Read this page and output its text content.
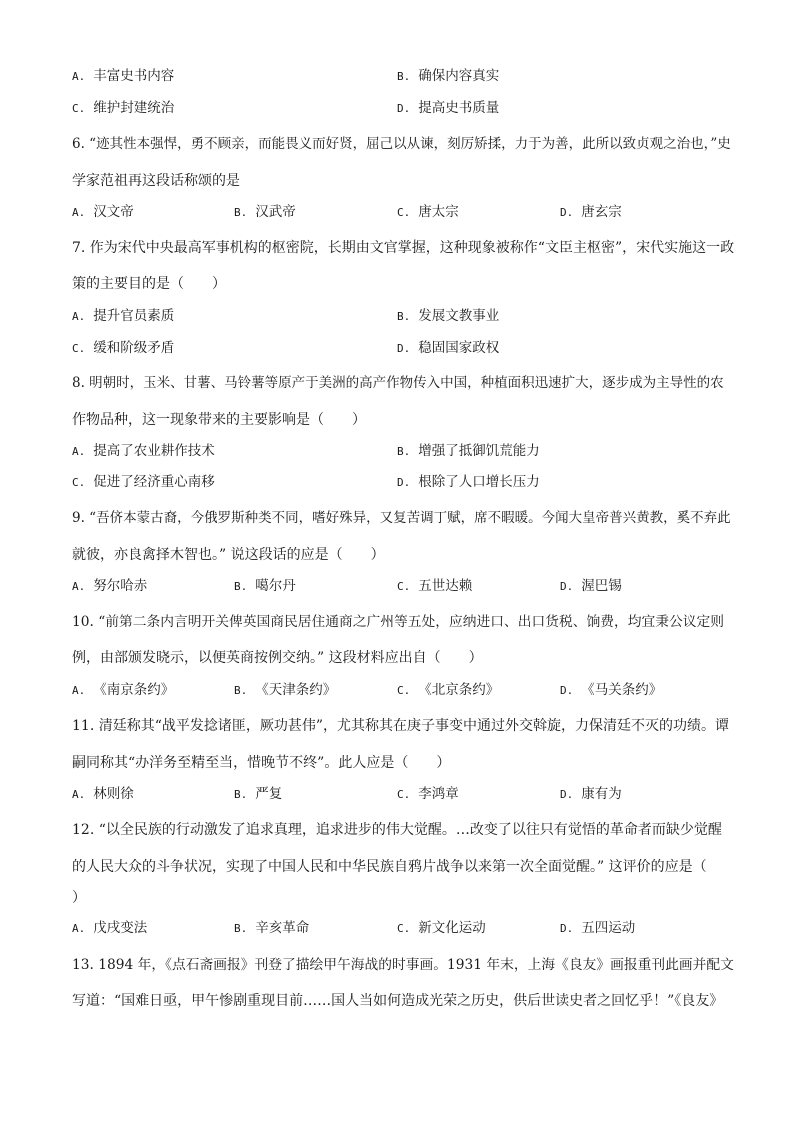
A. 丰富史书内容	B. 确保内容真实
C. 维护封建统治	D. 提高史书质量
6. “迹其性本强悍，勇不顾亲，而能畏义而好贤，屈己以从谏，刻厉矫揉，力于为善，此所以致贞观之治也，”史
学家范祖再这段话称颂的是
A. 汉文帝	B. 汉武帝	C. 唐太宗	D. 唐玄宗
7. 作为宋代中央最高军事机构的枢密院，长期由文官掌握，这种现象被称作“文臣主枢密”，宋代实施这一政
策的主要目的是（　　）
A. 提升官员素质	B. 发展文教事业
C. 缓和阶级矛盾	D. 稳固国家政权
8. 明朝时，玉米、甘薯、马铃薯等原产于美洲的高产作物传入中国，种植面积迅速扩大，逐步成为主导性的农
作物品种，这一现象带来的主要影响是（　　）
A. 提高了农业耕作技术	B. 增强了抵御饥荒能力
C. 促进了经济重心南移	D. 根除了人口增长压力
9. “吾侪本蒙古裔，今俄罗斯种类不同，嗜好殊异，又复苦调丁赋，席不暇暖。今闻大皇帝普兴黄教，奚不弃此
就彼，亦良禽择木智也。” 说这段话的应是（　　）
A. 努尔哈赤	B. 噶尔丹	C. 五世达赖	D. 渥巴锡
10. “前第二条内言明开关俾英国商民居住通商之广州等五处，应纳进口、出口货税、饷费，均宜秉公议定则
例，由部颁发晓示，以便英商按例交纳。” 这段材料应出自（　　）
A. 《南京条约》	B. 《天津条约》	C. 《北京条约》	D. 《马关条约》
11. 清廷称其“战平发捻诸匪，厥功甚伟”，尤其称其在庚子事变中通过外交斡旋，力保清廷不灭的功绩。谭
嗣同称其“办洋务至精至当，惜晚节不终”。此人应是（　　）
A. 林则徐	B. 严复	C. 李鸿章	D. 康有为
12. “以全民族的行动激发了追求真理，追求进步的伟大觉醒。…改变了以往只有觉悟的革命者而缺少觉醒
的人民大众的斗争状况，实现了中国人民和中华民族自鸦片战争以来第一次全面觉醒。” 这评价的应是（
）
A. 戊戌变法	B. 辛亥革命	C. 新文化运动	D. 五四运动
13. 1894 年，《点石斋画报》刊登了描绘甲午海战的时事画。1931 年末，上海《良友》画报重刊此画并配文
写道：“国难日亟，甲午惨剧重现目前……国人当如何造成光荣之历史，供后世读史者之回忆乎！”《良友》
